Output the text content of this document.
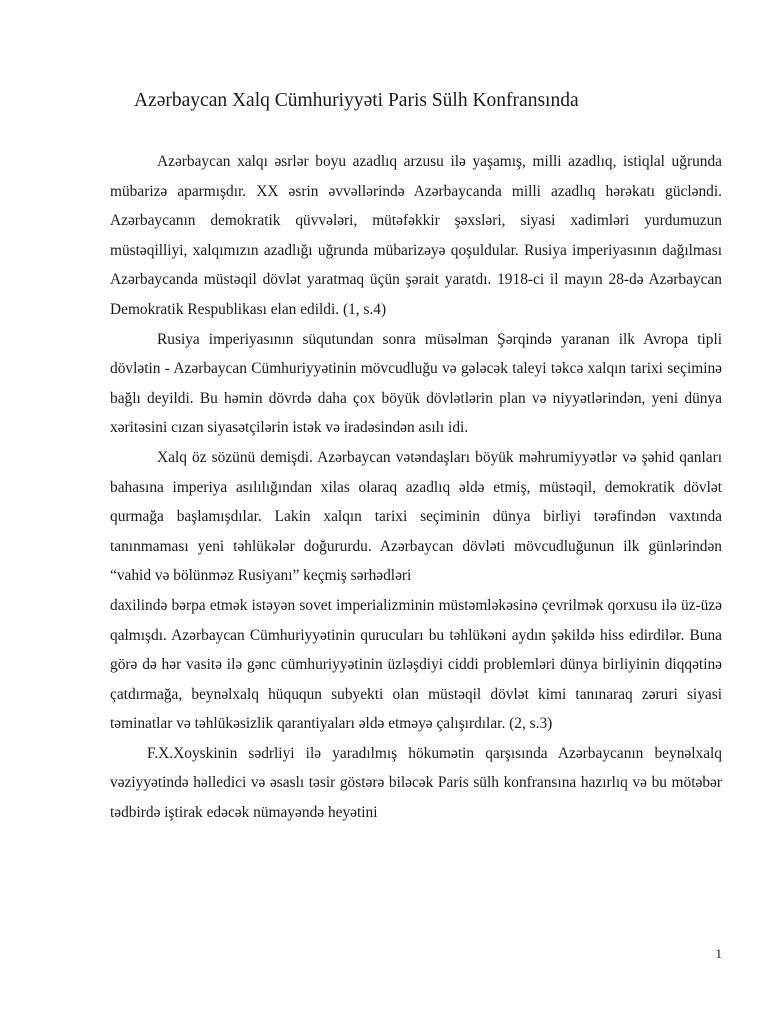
Azərbaycan Xalq Cümhuriyyəti Paris Sülh Konfransında

Azərbaycan xalqı əsrlər boyu azadlıq arzusu ilə yaşamış, milli azadlıq, istiqlal uğrunda mübarizə aparmışdır. XX əsrin əvvəllərində Azərbaycanda milli azadlıq hərəkatı gücləndi. Azərbaycanın demokratik qüvvələri, mütəfəkkir şəxsləri, siyasi xadimləri yurdumuzun müstəqilliyi, xalqımızın azadlığı uğrunda mübarizəyə qoşuldular. Rusiya imperiyasının dağılması Azərbaycanda müstəqil dövlət yaratmaq üçün şərait yaratdı. 1918-ci il mayın 28-də Azərbaycan Demokratik Respublikası elan edildi. (1, s.4)

Rusiya imperiyasının süqutundan sonra müsəlman Şərqində yaranan ilk Avropa tipli dövlətin - Azərbaycan Cümhuriyyətinin mövcudluğu və gələcək taleyi təkcə xalqın tarixi seçiminə bağlı deyildi. Bu həmin dövrdə daha çox böyük dövlətlərin plan və niyyətlərindən, yeni dünya xəritəsini cızan siyasətçilərin istək və iradəsindən asılı idi.

Xalq öz sözünü demişdi. Azərbaycan vətəndaşları böyük məhrumiyyətlər və şəhid qanları bahasına imperiya asılılığından xilas olaraq azadlıq əldə etmiş, müstəqil, demokratik dövlət qurmağa başlamışdılar. Lakin xalqın tarixi seçiminin dünya birliyi tərəfindən vaxtında tanınmaması yeni təhlükələr doğururdu. Azərbaycan dövləti mövcudluğunun ilk günlərindən “vahid və bölünməz Rusiyanı” keçmiş sərhədləri

daxilində bərpa etmək istəyən sovet imperializminin müstəmləkəsinə çevrilmək qorxusu ilə üz-üzə qalmışdı. Azərbaycan Cümhuriyyətinin qurucuları bu təhlükəni aydın şəkildə hiss edirdilər. Buna görə də hər vasitə ilə gənc cümhuriyyətinin üzləşdiyi ciddi problemləri dünya birliyinin diqqətinə çatdırmağa, beynəlxalq hüququn subyekti olan müstəqil dövlət kimi tanınaraq zəruri siyasi təminatlar və təhlükəsizlik qarantiyaları əldə etməyə çalışırdılar. (2, s.3)

F.X.Xoyskinin sədrliyi ilə yaradılmış hökumətin qarşısında Azərbaycanın beynəlxalq vəziyyətində həlledici və əsaslı təsir göstərə biləcək Paris sülh konfransına hazırlıq və bu mötəbər tədbirdə iştirak edəcək nümayəndə heyətini

1
